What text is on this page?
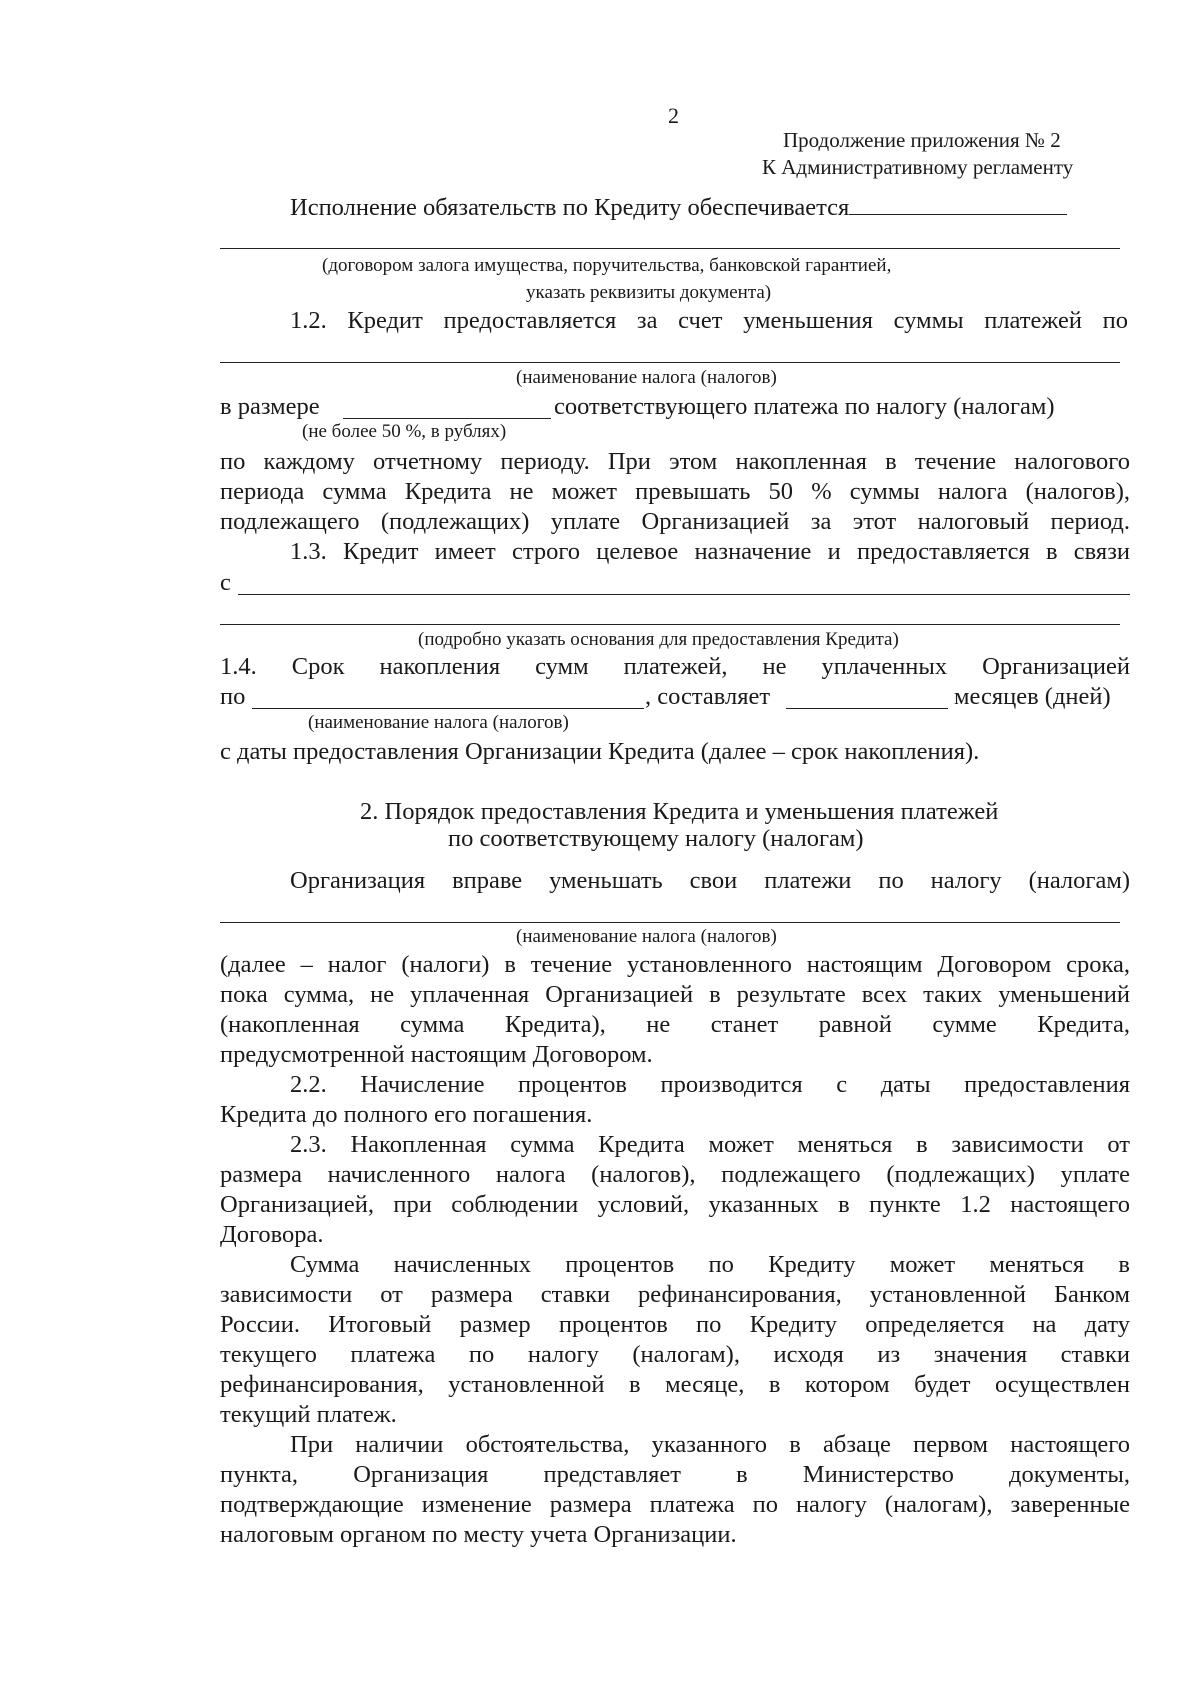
2
Продолжение приложения № 2
К Административному регламенту
Исполнение обязательств по Кредиту обеспечивается
(договором залога имущества, поручительства, банковской гарантией,
указать реквизиты документа)
1.2. Кредит предоставляется за счет уменьшения суммы платежей по
(наименование налога (налогов)
в размере	соответствующего платежа по налогу (налогам)
(не более 50 %, в рублях)
по каждому отчетному периоду. При этом накопленная в течение налогового
периода сумма Кредита не может превышать 50 % суммы налога (налогов),
подлежащего (подлежащих) уплате Организацией за этот налоговый период.
1.3. Кредит имеет строго целевое назначение и предоставляется в связи
с
(подробно указать основания для предоставления Кредита)
1.4. Срок накопления сумм платежей, не уплаченных Организацией
по	, составляет	месяцев (дней)
(наименование налога (налогов)
с даты предоставления Организации Кредита (далее – срок накопления).
2. Порядок предоставления Кредита и уменьшения платежей
по соответствующему налогу (налогам)
Организация вправе уменьшать свои платежи по налогу (налогам)
(наименование налога (налогов)
(далее – налог (налоги) в течение установленного настоящим Договором срока,
пока сумма, не уплаченная Организацией в результате всех таких уменьшений
(накопленная сумма Кредита), не станет равной сумме Кредита,
предусмотренной настоящим Договором.
2.2. Начисление процентов производится с даты предоставления
Кредита до полного его погашения.
2.3. Накопленная сумма Кредита может меняться в зависимости от
размера начисленного налога (налогов), подлежащего (подлежащих) уплате
Организацией, при соблюдении условий, указанных в пункте 1.2 настоящего
Договора.
Сумма начисленных процентов по Кредиту может меняться в
зависимости от размера ставки рефинансирования, установленной Банком
России. Итоговый размер процентов по Кредиту определяется на дату
текущего платежа по налогу (налогам), исходя из значения ставки
рефинансирования, установленной в месяце, в котором будет осуществлен
текущий платеж.
При наличии обстоятельства, указанного в абзаце первом настоящего
пункта, Организация представляет в Министерство документы,
подтверждающие изменение размера платежа по налогу (налогам), заверенные
налоговым органом по месту учета Организации.
